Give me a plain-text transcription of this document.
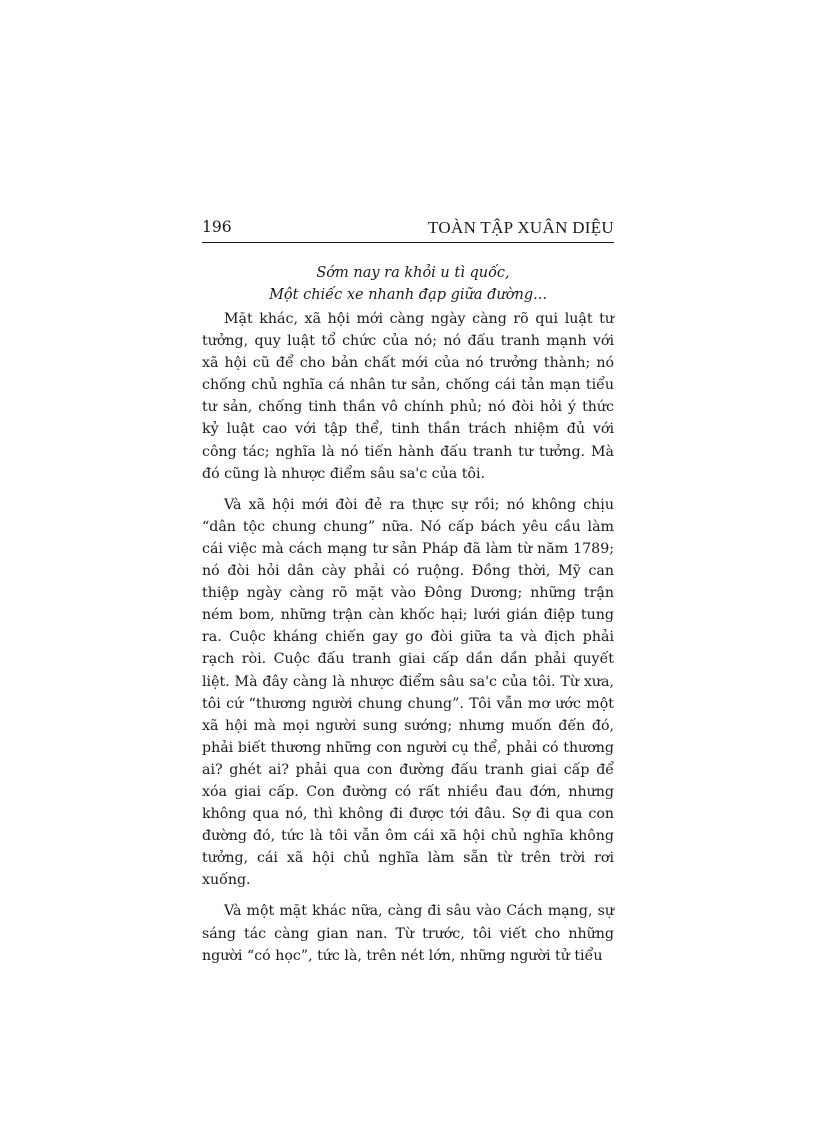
196	TOÀN TẬP XUÂN DIỆU
Sớm nay ra khỏi u tì quốc,
Một chiếc xe nhanh đạp giữa đường...

Mặt khác, xã hội mới càng ngày càng rõ qui luật tư tưởng, quy luật tổ chức của nó; nó đấu tranh mạnh với xã hội cũ để cho bản chất mới của nó trưởng thành; nó chống chủ nghĩa cá nhân tư sản, chống cái tản mạn tiểu tư sản, chống tinh thần vô chính phủ; nó đòi hỏi ý thức kỷ luật cao với tập thể, tinh thần trách nhiệm đủ với công tác; nghĩa là nó tiến hành đấu tranh tư tưởng. Mà đó cũng là nhược điểm sâu sa'c của tôi.

Và xã hội mới đòi đẻ ra thực sự rồi; nó không chịu “dân tộc chung chung” nữa. Nó cấp bách yêu cầu làm cái việc mà cách mạng tư sản Pháp đã làm từ năm 1789; nó đòi hỏi dân cày phải có ruộng. Đồng thời, Mỹ can thiệp ngày càng rõ mặt vào Đông Dương; những trận ném bom, những trận càn khốc hại; lưới gián điệp tung ra. Cuộc kháng chiến gay go đòi giữa ta và địch phải rạch ròi. Cuộc đấu tranh giai cấp dần dần phải quyết liệt. Mà đây càng là nhược điểm sâu sa'c của tôi. Từ xưa, tôi cứ “thương người chung chung”. Tôi vẫn mơ ước một xã hội mà mọi người sung sướng; nhưng muốn đến đó, phải biết thương những con người cụ thể, phải có thương ai? ghét ai? phải qua con đường đấu tranh giai cấp để xóa giai cấp. Con đường có rất nhiều đau đớn, nhưng không qua nó, thì không đi được tới đâu. Sợ đi qua con đường đó, tức là tôi vẫn ôm cái xã hội chủ nghĩa không tưởng, cái xã hội chủ nghĩa làm sẵn từ trên trời rơi xuống.

Và một mặt khác nữa, càng đi sâu vào Cách mạng, sự sáng tác càng gian nan. Từ trước, tôi viết cho những người “có học”, tức là, trên nét lớn, những người tử tiểu
